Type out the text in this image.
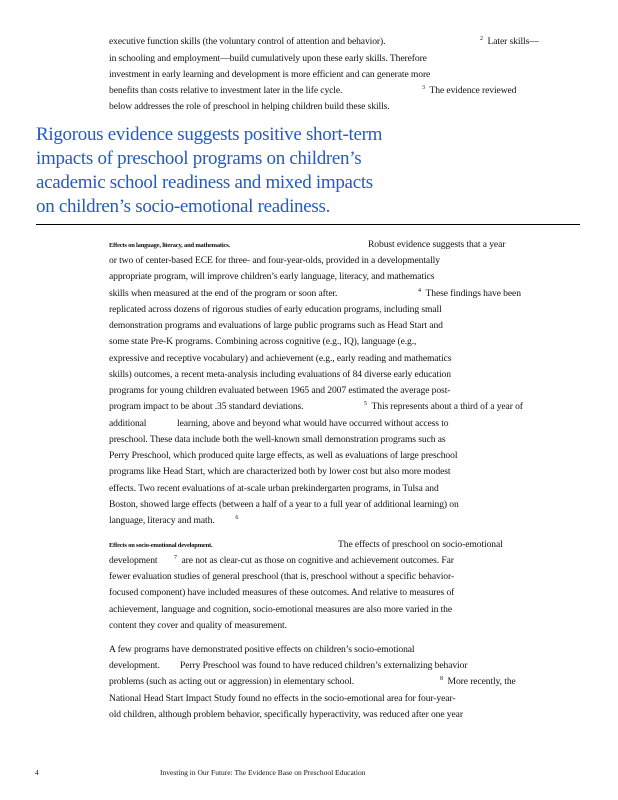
executive function skills (the voluntary control of attention and behavior).	$^2$ Later skills—
in schooling and employment—build cumulatively upon these early skills. Therefore
investment in early learning and development is more efficient and can generate more
benefits than costs relative to investment later in the life cycle.	$^3$ The evidence reviewed
below addresses the role of preschool in helping children build these skills.
Rigorous evidence suggests positive short-term
impacts of preschool programs on children’s
academic school readiness and mixed impacts
on children’s socio-emotional readiness.
Effects on language, literacy, and mathematics.	Robust evidence suggests that a year
or two of center-based ECE for three- and four-year-olds, provided in a developmentally
appropriate program, will improve children’s early language, literacy, and mathematics
skills when measured at the end of the program or soon after.	$^4$ These findings have been
replicated across dozens of rigorous studies of early education programs, including small
demonstration programs and evaluations of large public programs such as Head Start and
some state Pre-K programs. Combining across cognitive (e.g., IQ), language (e.g.,
expressive and receptive vocabulary) and achievement (e.g., early reading and mathematics
skills) outcomes, a recent meta-analysis including evaluations of 84 diverse early education
programs for young children evaluated between 1965 and 2007 estimated the average post-
program impact to be about .35 standard deviations.	$^5$ This represents about a third of a year of
additional	learning, above and beyond what would have occurred without access to
preschool. These data include both the well-known small demonstration programs such as
Perry Preschool, which produced quite large effects, as well as evaluations of large preschool
programs like Head Start, which are characterized both by lower cost but also more modest
effects. Two recent evaluations of at-scale urban prekindergarten programs, in Tulsa and
Boston, showed large effects (between a half of a year to a full year of additional learning) on
language, literacy and math.	$^6$
Effects on socio-emotional development.	The effects of preschool on socio-emotional
development	$^7$ are not as clear-cut as those on cognitive and achievement outcomes. Far
fewer evaluation studies of general preschool (that is, preschool without a specific behavior-
focused component) have included measures of these outcomes. And relative to measures of
achievement, language and cognition, socio-emotional measures are also more varied in the
content they cover and quality of measurement.
A few programs have demonstrated positive effects on children’s socio-emotional
development. Perry Preschool was found to have reduced children’s externalizing behavior
problems (such as acting out or aggression) in elementary school.	$^8$ More recently, the
National Head Start Impact Study found no effects in the socio-emotional area for four-year-
old children, although problem behavior, specifically hyperactivity, was reduced after one year
4	Investing in Our Future: The Evidence Base on Preschool Education
